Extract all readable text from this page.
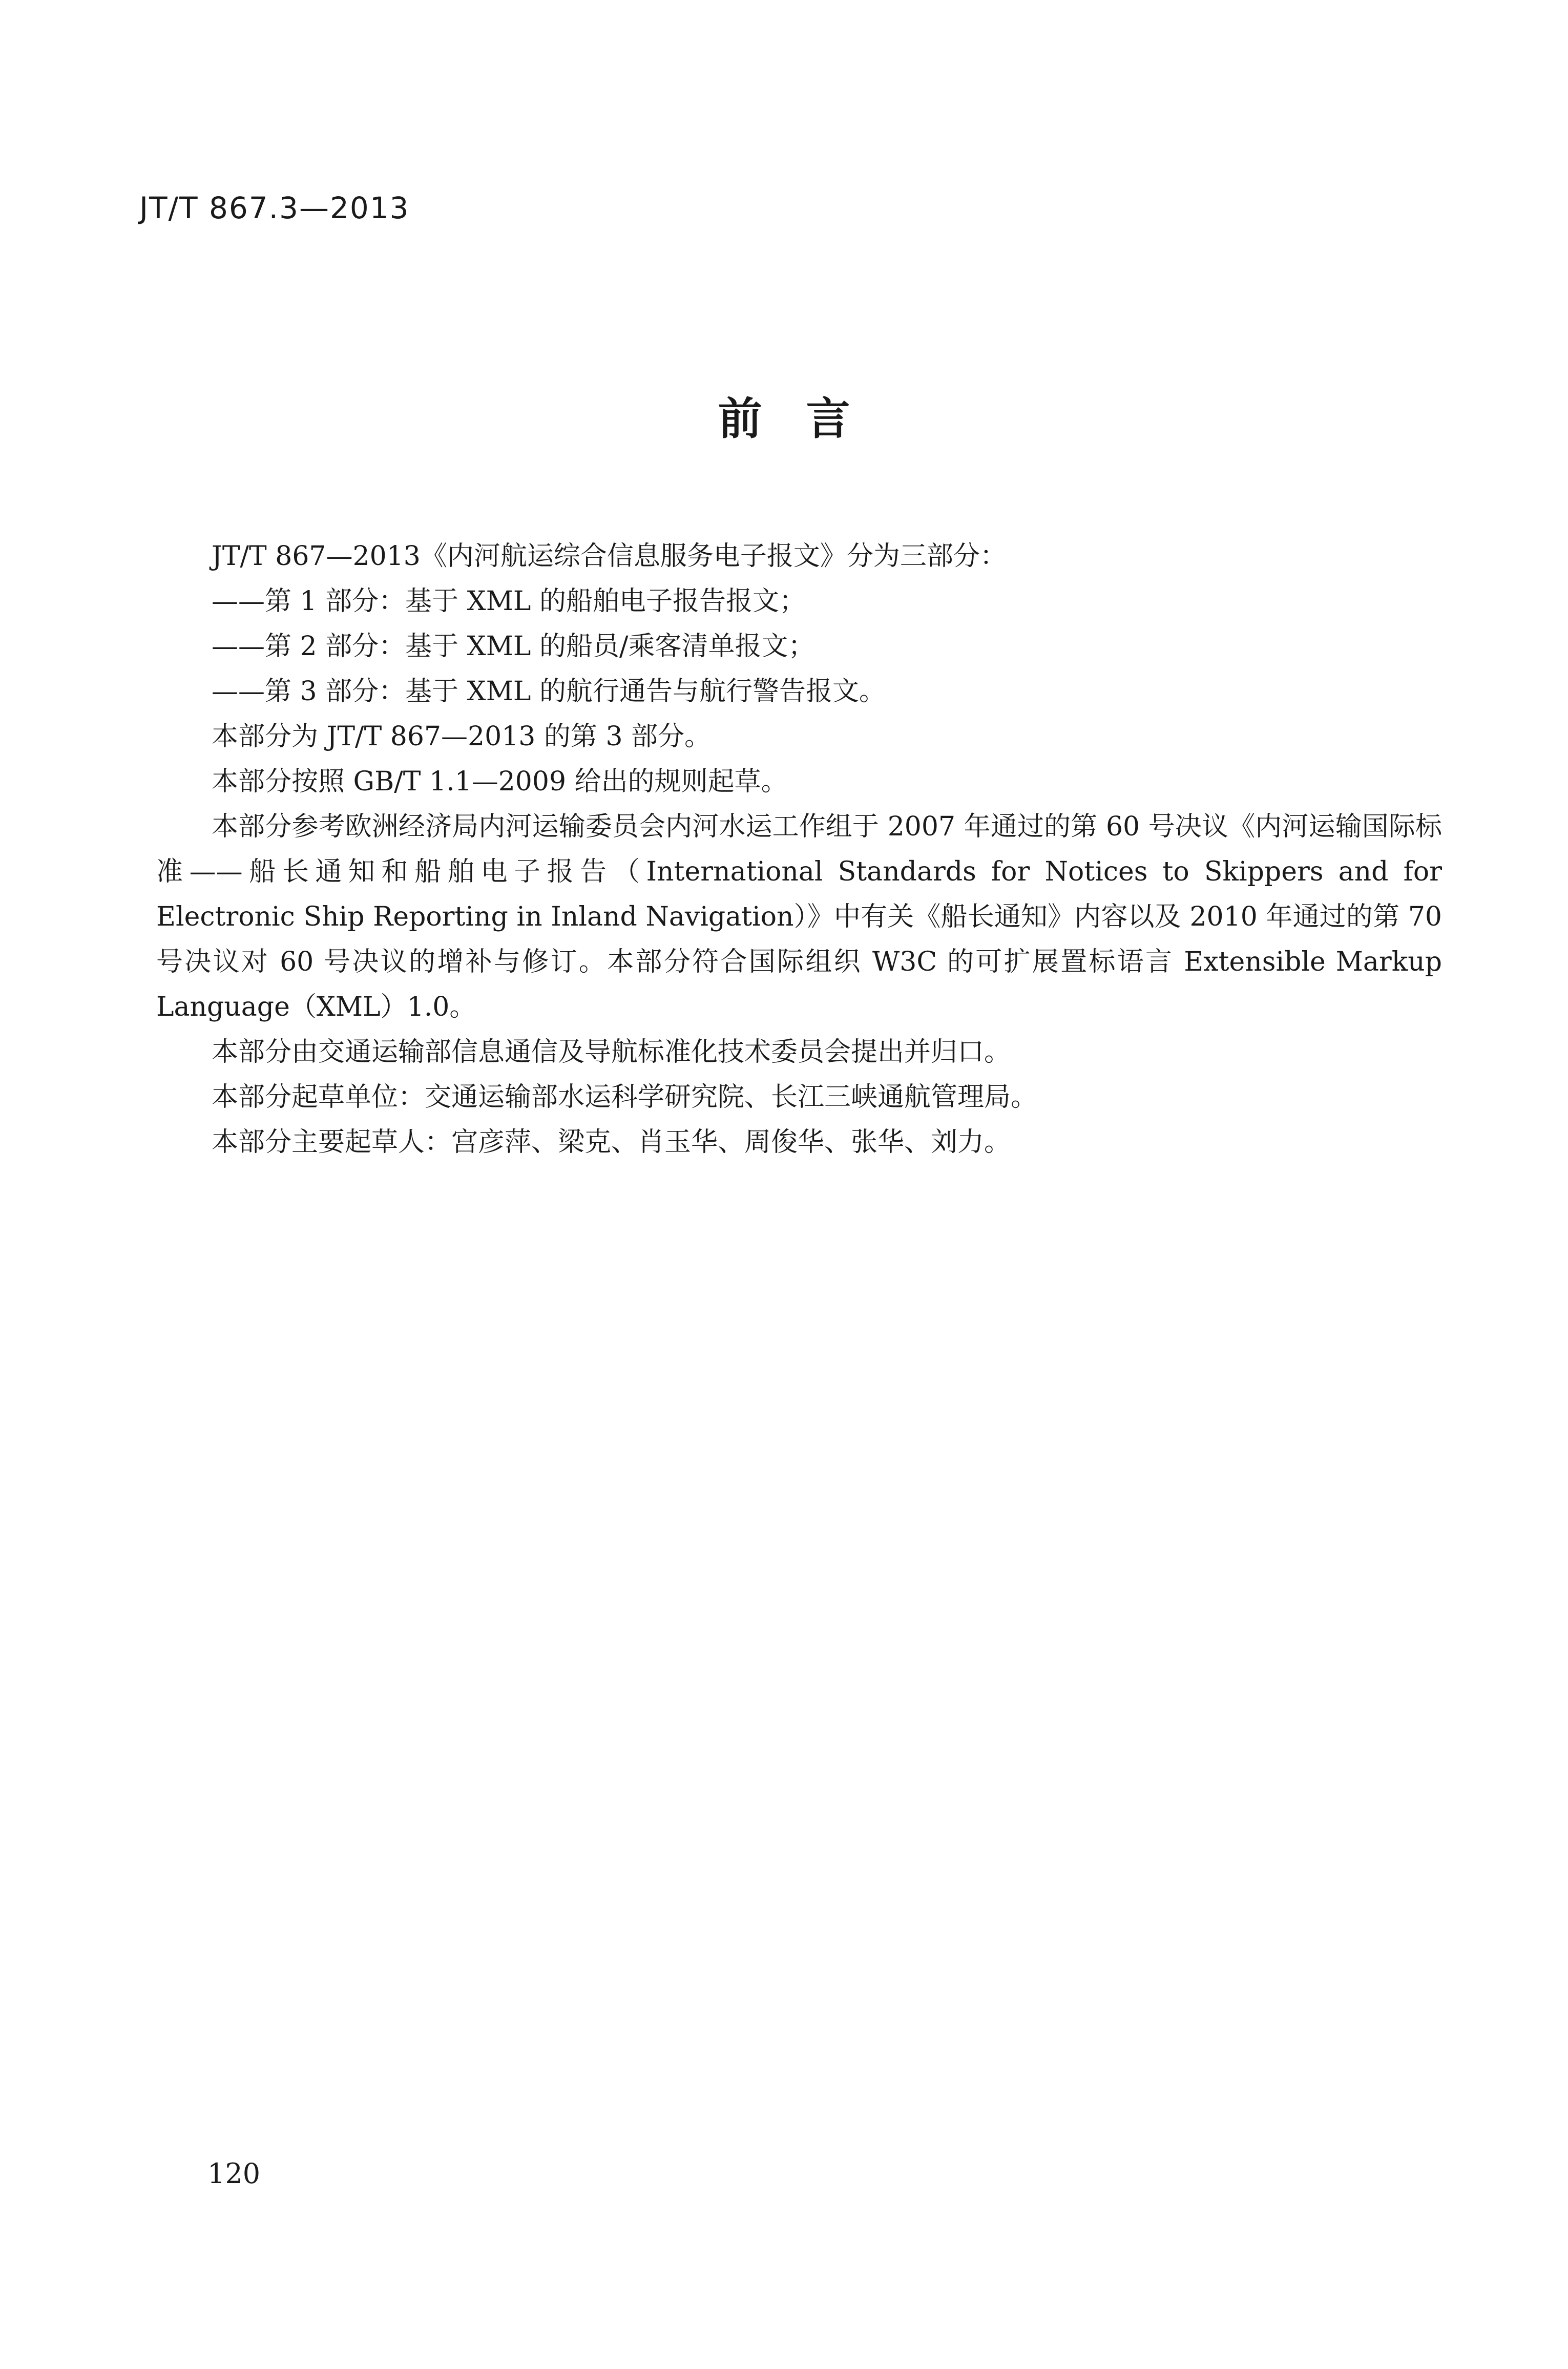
JT/T 867.3—2013
前　言
JT/T 867—2013《内河航运综合信息服务电子报文》分为三部分：
——第 1 部分：基于 XML 的船舶电子报告报文；
——第 2 部分：基于 XML 的船员/乘客清单报文；
——第 3 部分：基于 XML 的航行通告与航行警告报文。
本部分为 JT/T 867—2013 的第 3 部分。
本部分按照 GB/T 1.1—2009 给出的规则起草。
本部分参考欧洲经济局内河运输委员会内河水运工作组于 2007 年通过的第 60 号决议《内河运输国际标准——船长通知和船舶电子报告（International Standards for Notices to Skippers and for Electronic Ship Reporting in Inland Navigation）》中有关《船长通知》内容以及 2010 年通过的第 70 号决议对 60 号决议的增补与修订。本部分符合国际组织 W3C 的可扩展置标语言 Extensible Markup Language（XML）1.0。
本部分由交通运输部信息通信及导航标准化技术委员会提出并归口。
本部分起草单位：交通运输部水运科学研究院、长江三峡通航管理局。
本部分主要起草人：宫彦萍、梁克、肖玉华、周俊华、张华、刘力。
120
